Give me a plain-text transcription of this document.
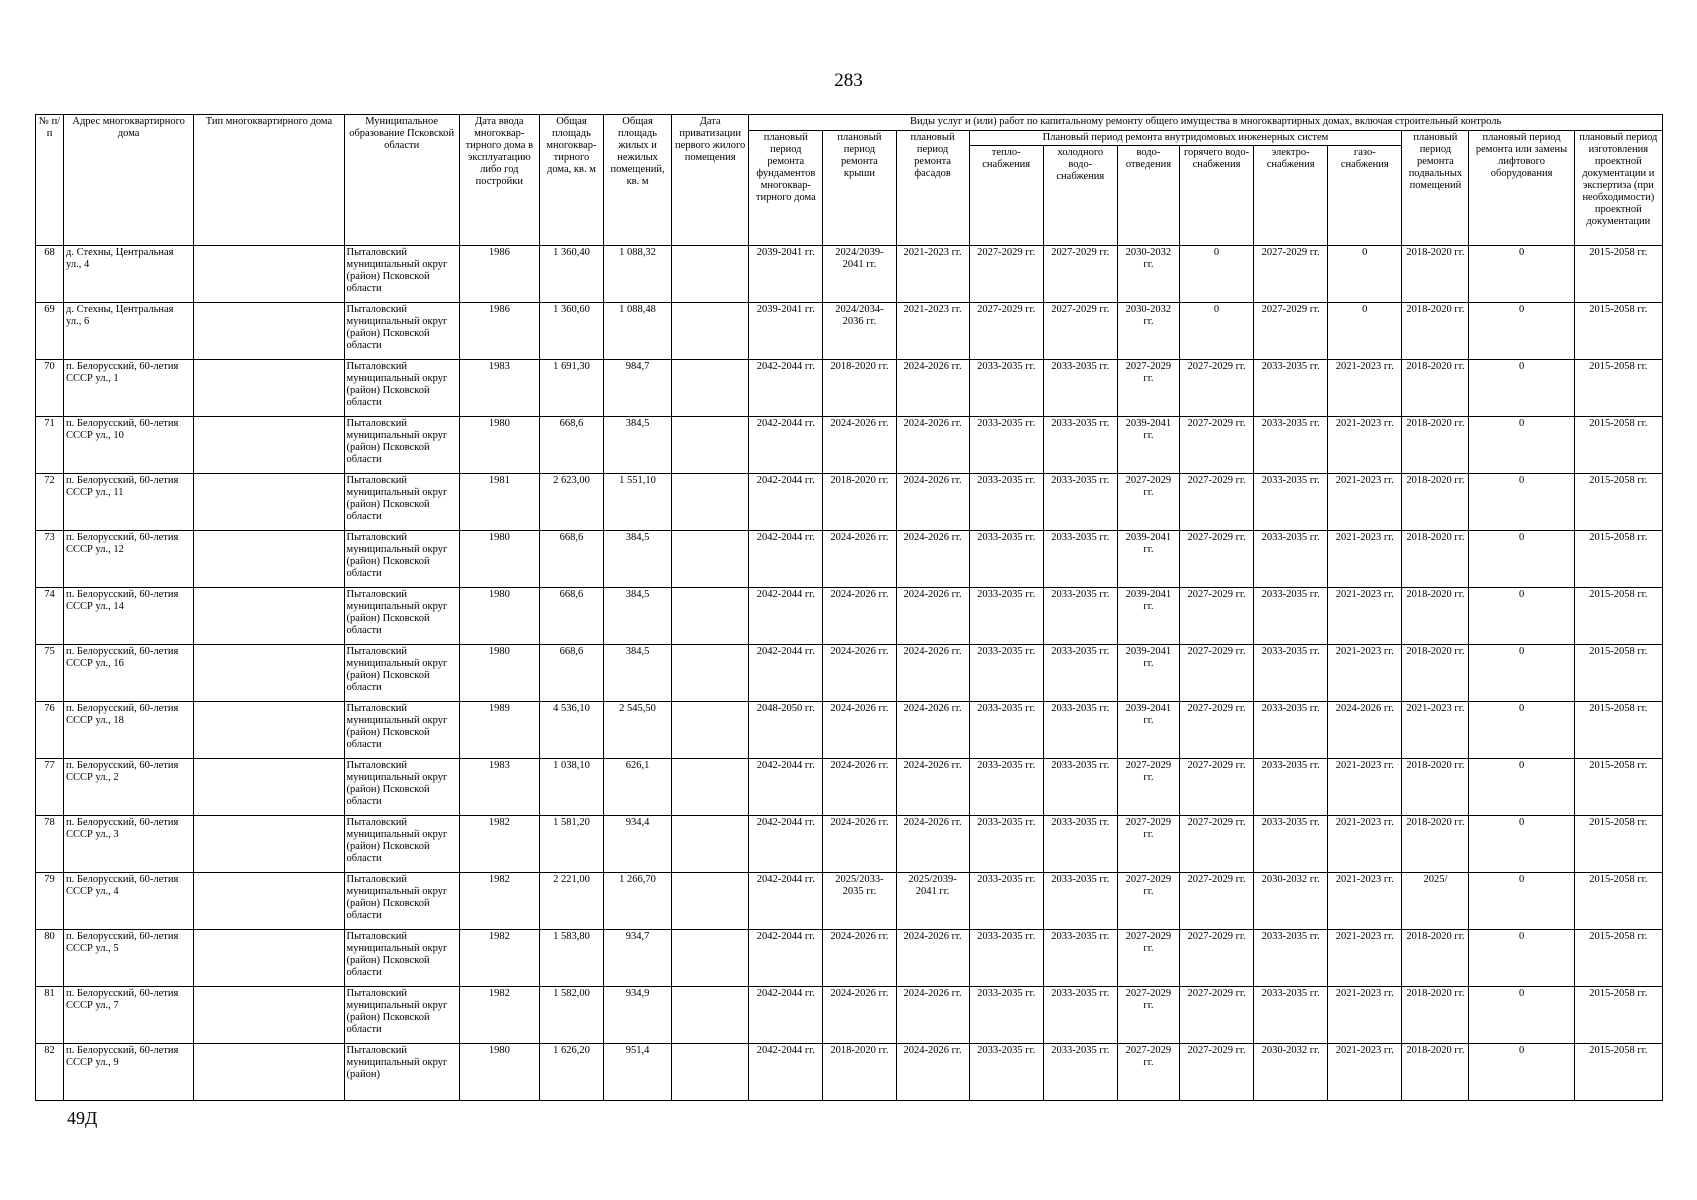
283
№ п/п	Адрес многоквартирного дома	Тип многоквартирного дома	Муниципальное образование Псковской области	Дата ввода многоквар-тирного дома в эксплуатацию либо год постройки	Общая площадь многоквар-тирного дома, кв. м	Общая площадь жилых и нежилых помещений, кв. м	Дата приватизации первого жилого помещения	Виды услуг и (или) работ по капитальному ремонту общего имущества в многоквартирных домах, включая строительный контроль											
								плановый период ремонта фундаментов многоквар-тирного дома	плановый период ремонта крыши	плановый период ремонта фасадов	Плановый период ремонта внутридомовых инженерных систем						плановый период ремонта подвальных помещений	плановый период ремонта или замены лифтового оборудования	плановый период изготовления проектной документации и экспертиза (при необходимости) проектной документации
											тепло-снабжения	холодного водо-снабжения	водо-отведения	горячего водо-снабжения	электро-снабжения	газо-снабжения			
68	д. Стехны, Центральная ул., 4		Пыталовский муниципальный округ (район) Псковской области	1986	1 360,40	1 088,32		2039-2041 гг.	2024/2039-2041 гг.	2021-2023 гг.	2027-2029 гг.	2027-2029 гг.	2030-2032 гг.	0	2027-2029 гг.	0	2018-2020 гг.	0	2015-2058 гг.
69	д. Стехны, Центральная ул., 6		Пыталовский муниципальный округ (район) Псковской области	1986	1 360,60	1 088,48		2039-2041 гг.	2024/2034-2036 гг.	2021-2023 гг.	2027-2029 гг.	2027-2029 гг.	2030-2032 гг.	0	2027-2029 гг.	0	2018-2020 гг.	0	2015-2058 гг.
70	п. Белорусский, 60-летия СССР ул., 1		Пыталовский муниципальный округ (район) Псковской области	1983	1 691,30	984,7		2042-2044 гг.	2018-2020 гг.	2024-2026 гг.	2033-2035 гг.	2033-2035 гг.	2027-2029 гг.	2027-2029 гг.	2033-2035 гг.	2021-2023 гг.	2018-2020 гг.	0	2015-2058 гг.
71	п. Белорусский, 60-летия СССР ул., 10		Пыталовский муниципальный округ (район) Псковской области	1980	668,6	384,5		2042-2044 гг.	2024-2026 гг.	2024-2026 гг.	2033-2035 гг.	2033-2035 гг.	2039-2041 гг.	2027-2029 гг.	2033-2035 гг.	2021-2023 гг.	2018-2020 гг.	0	2015-2058 гг.
72	п. Белорусский, 60-летия СССР ул., 11		Пыталовский муниципальный округ (район) Псковской области	1981	2 623,00	1 551,10		2042-2044 гг.	2018-2020 гг.	2024-2026 гг.	2033-2035 гг.	2033-2035 гг.	2027-2029 гг.	2027-2029 гг.	2033-2035 гг.	2021-2023 гг.	2018-2020 гг.	0	2015-2058 гг.
73	п. Белорусский, 60-летия СССР ул., 12		Пыталовский муниципальный округ (район) Псковской области	1980	668,6	384,5		2042-2044 гг.	2024-2026 гг.	2024-2026 гг.	2033-2035 гг.	2033-2035 гг.	2039-2041 гг.	2027-2029 гг.	2033-2035 гг.	2021-2023 гг.	2018-2020 гг.	0	2015-2058 гг.
74	п. Белорусский, 60-летия СССР ул., 14		Пыталовский муниципальный округ (район) Псковской области	1980	668,6	384,5		2042-2044 гг.	2024-2026 гг.	2024-2026 гг.	2033-2035 гг.	2033-2035 гг.	2039-2041 гг.	2027-2029 гг.	2033-2035 гг.	2021-2023 гг.	2018-2020 гг.	0	2015-2058 гг.
75	п. Белорусский, 60-летия СССР ул., 16		Пыталовский муниципальный округ (район) Псковской области	1980	668,6	384,5		2042-2044 гг.	2024-2026 гг.	2024-2026 гг.	2033-2035 гг.	2033-2035 гг.	2039-2041 гг.	2027-2029 гг.	2033-2035 гг.	2021-2023 гг.	2018-2020 гг.	0	2015-2058 гг.
76	п. Белорусский, 60-летия СССР ул., 18		Пыталовский муниципальный округ (район) Псковской области	1989	4 536,10	2 545,50		2048-2050 гг.	2024-2026 гг.	2024-2026 гг.	2033-2035 гг.	2033-2035 гг.	2039-2041 гг.	2027-2029 гг.	2033-2035 гг.	2024-2026 гг.	2021-2023 гг.	0	2015-2058 гг.
77	п. Белорусский, 60-летия СССР ул., 2		Пыталовский муниципальный округ (район) Псковской области	1983	1 038,10	626,1		2042-2044 гг.	2024-2026 гг.	2024-2026 гг.	2033-2035 гг.	2033-2035 гг.	2027-2029 гг.	2027-2029 гг.	2033-2035 гг.	2021-2023 гг.	2018-2020 гг.	0	2015-2058 гг.
78	п. Белорусский, 60-летия СССР ул., 3		Пыталовский муниципальный округ (район) Псковской области	1982	1 581,20	934,4		2042-2044 гг.	2024-2026 гг.	2024-2026 гг.	2033-2035 гг.	2033-2035 гг.	2027-2029 гг.	2027-2029 гг.	2033-2035 гг.	2021-2023 гг.	2018-2020 гг.	0	2015-2058 гг.
79	п. Белорусский, 60-летия СССР ул., 4		Пыталовский муниципальный округ (район) Псковской области	1982	2 221,00	1 266,70		2042-2044 гг.	2025/2033-2035 гг.	2025/2039-2041 гг.	2033-2035 гг.	2033-2035 гг.	2027-2029 гг.	2027-2029 гг.	2030-2032 гг.	2021-2023 гг.	2025/	0	2015-2058 гг.
80	п. Белорусский, 60-летия СССР ул., 5		Пыталовский муниципальный округ (район) Псковской области	1982	1 583,80	934,7		2042-2044 гг.	2024-2026 гг.	2024-2026 гг.	2033-2035 гг.	2033-2035 гг.	2027-2029 гг.	2027-2029 гг.	2033-2035 гг.	2021-2023 гг.	2018-2020 гг.	0	2015-2058 гг.
81	п. Белорусский, 60-летия СССР ул., 7		Пыталовский муниципальный округ (район) Псковской области	1982	1 582,00	934,9		2042-2044 гг.	2024-2026 гг.	2024-2026 гг.	2033-2035 гг.	2033-2035 гг.	2027-2029 гг.	2027-2029 гг.	2033-2035 гг.	2021-2023 гг.	2018-2020 гг.	0	2015-2058 гг.
82	п. Белорусский, 60-летия СССР ул., 9		Пыталовский муниципальный округ (район)	1980	1 626,20	951,4		2042-2044 гг.	2018-2020 гг.	2024-2026 гг.	2033-2035 гг.	2033-2035 гг.	2027-2029 гг.	2027-2029 гг.	2030-2032 гг.	2021-2023 гг.	2018-2020 гг.	0	2015-2058 гг.
49Д
